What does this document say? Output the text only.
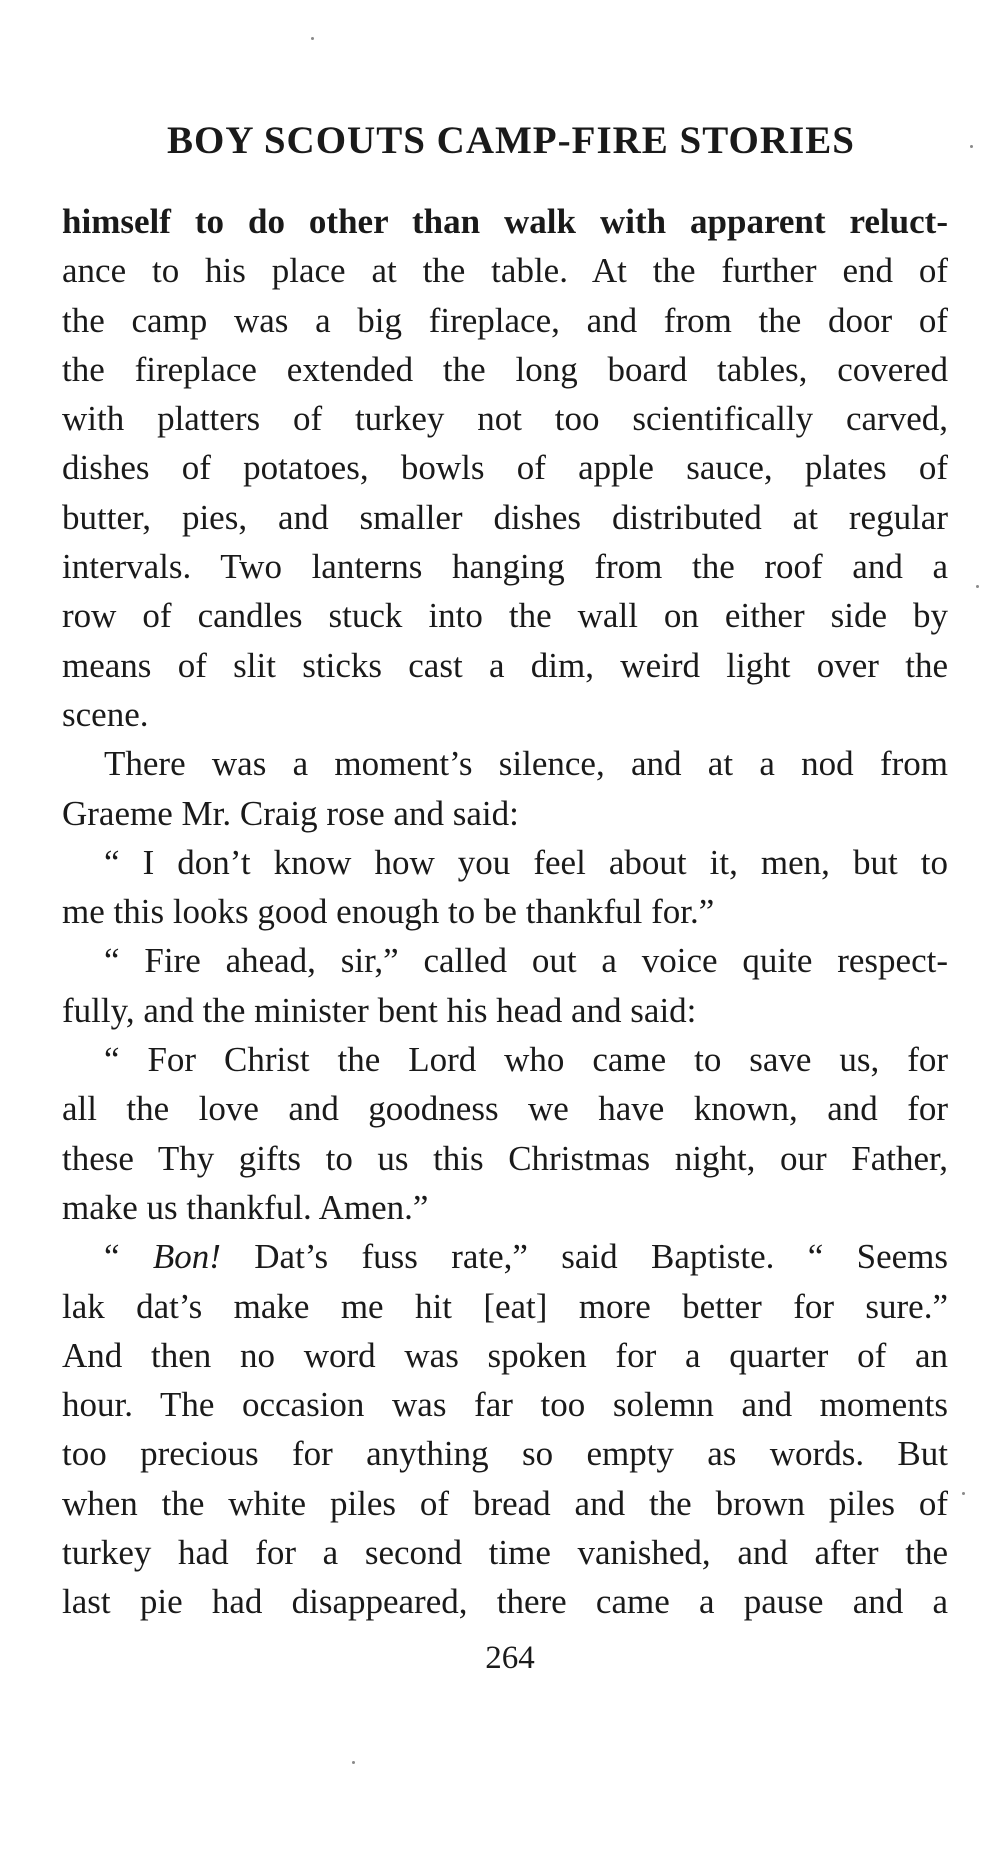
BOY SCOUTS CAMP-FIRE STORIES
himself to do other than walk with apparent reluct-
ance to his place at the table. At the further end of
the camp was a big fireplace, and from the door of
the fireplace extended the long board tables, covered
with platters of turkey not too scientifically carved,
dishes of potatoes, bowls of apple sauce, plates of
butter, pies, and smaller dishes distributed at regular
intervals. Two lanterns hanging from the roof and a
row of candles stuck into the wall on either side by
means of slit sticks cast a dim, weird light over the
scene.
There was a moment’s silence, and at a nod from
Graeme Mr. Craig rose and said:
“ I don’t know how you feel about it, men, but to
me this looks good enough to be thankful for.”
“ Fire ahead, sir,” called out a voice quite respect-
fully, and the minister bent his head and said:
“ For Christ the Lord who came to save us, for
all the love and goodness we have known, and for
these Thy gifts to us this Christmas night, our Father,
make us thankful. Amen.”
“ Bon! Dat’s fuss rate,” said Baptiste. “ Seems
lak dat’s make me hit [eat] more better for sure.”
And then no word was spoken for a quarter of an
hour. The occasion was far too solemn and moments
too precious for anything so empty as words. But
when the white piles of bread and the brown piles of
turkey had for a second time vanished, and after the
last pie had disappeared, there came a pause and a
264
